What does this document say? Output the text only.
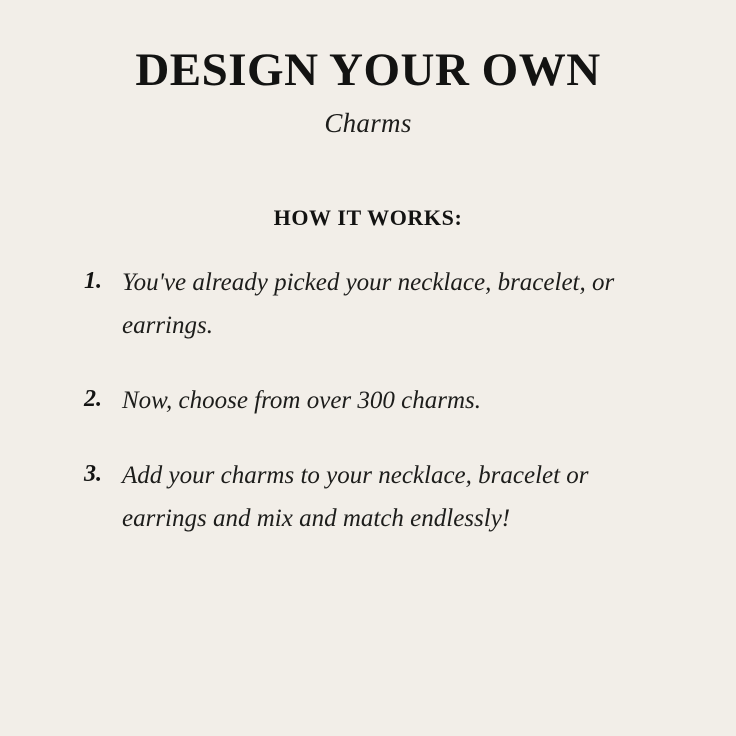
DESIGN YOUR OWN
Charms
HOW IT WORKS:
1. You've already picked your necklace, bracelet, or earrings.
2. Now, choose from over 300 charms.
3. Add your charms to your necklace, bracelet or earrings and mix and match endlessly!
